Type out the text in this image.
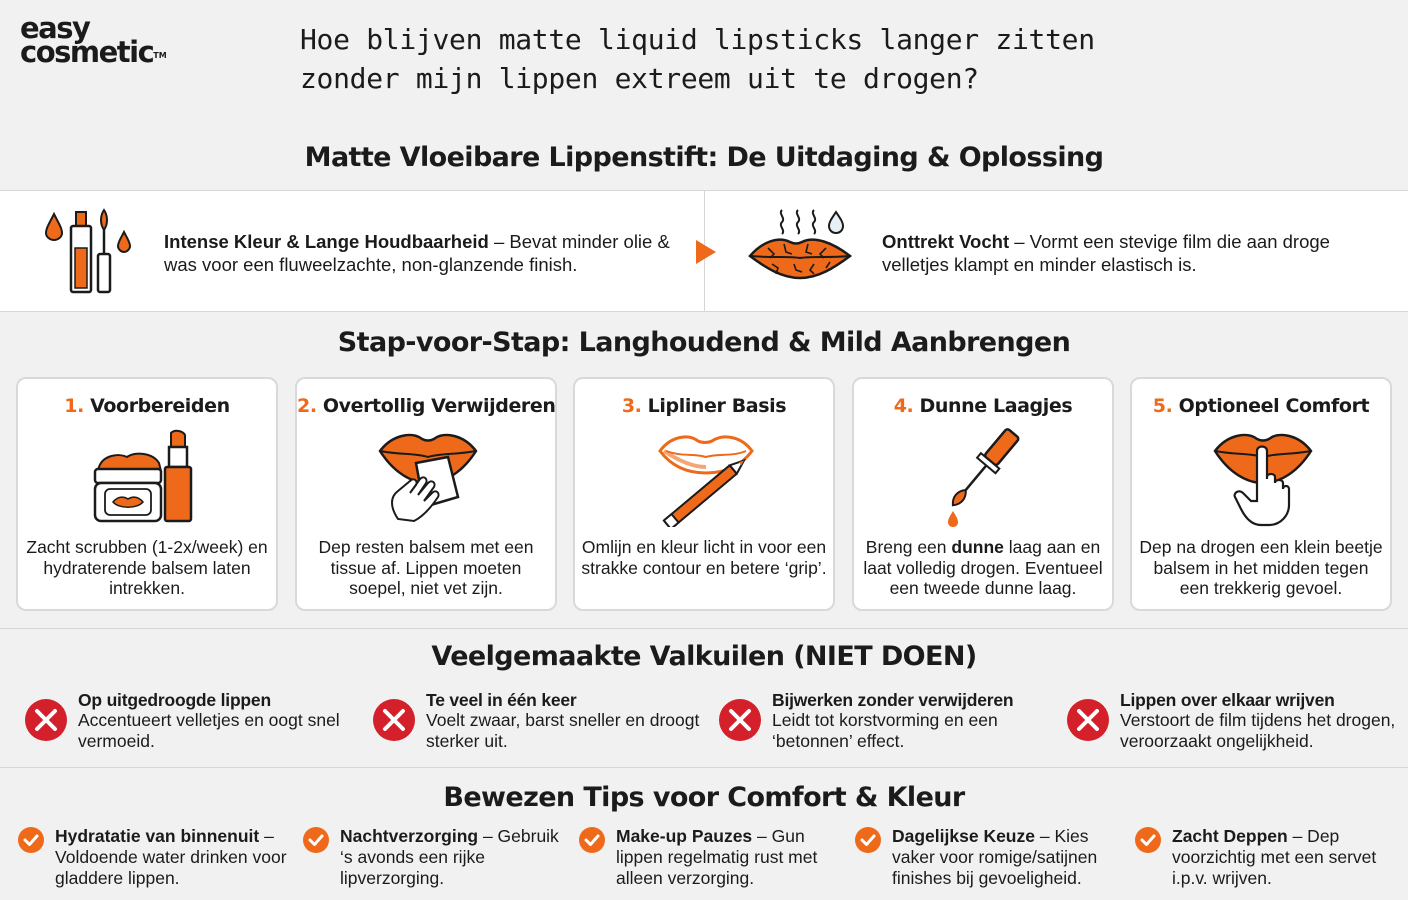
easy
cosmetic™	Hoe blijven matte liquid lipsticks langer zitten zonder mijn lippen extreem uit te drogen?
Matte Vloeibare Lippenstift: De Uitdaging & Oplossing
Intense Kleur & Lange Houdbaarheid – Bevat minder olie & was voor een fluweelzachte, non-glanzende finish.
Onttrekt Vocht – Vormt een stevige film die aan droge velletjes klampt en minder elastisch is.
Stap-voor-Stap: Langhoudend & Mild Aanbrengen
1. Voorbereiden
Zacht scrubben (1-2x/week) en hydraterende balsem laten intrekken.
2. Overtollig Verwijderen
Dep resten balsem met een tissue af. Lippen moeten soepel, niet vet zijn.
3. Lipliner Basis
Omlijn en kleur licht in voor een strakke contour en betere ‘grip’.
4. Dunne Laagjes
Breng een dunne laag aan en laat volledig drogen. Eventueel een tweede dunne laag.
5. Optioneel Comfort
Dep na drogen een klein beetje balsem in het midden tegen een trekkerig gevoel.
Veelgemaakte Valkuilen (NIET DOEN)
Op uitgedroogde lippen
Accentueert velletjes en oogt snel vermoeid.
Te veel in één keer
Voelt zwaar, barst sneller en droogt sterker uit.
Bijwerken zonder verwijderen
Leidt tot korstvorming en een ‘betonnen’ effect.
Lippen over elkaar wrijven
Verstoort de film tijdens het drogen, veroorzaakt ongelijkheid.
Bewezen Tips voor Comfort & Kleur
Hydratatie van binnenuit – Voldoende water drinken voor gladdere lippen.
Nachtverzorging – Gebruik ‘s avonds een rijke lipverzorging.
Make-up Pauzes – Gun lippen regelmatig rust met alleen verzorging.
Dagelijkse Keuze – Kies vaker voor romige/satijnen finishes bij gevoeligheid.
Zacht Deppen – Dep voorzichtig met een servet i.p.v. wrijven.
